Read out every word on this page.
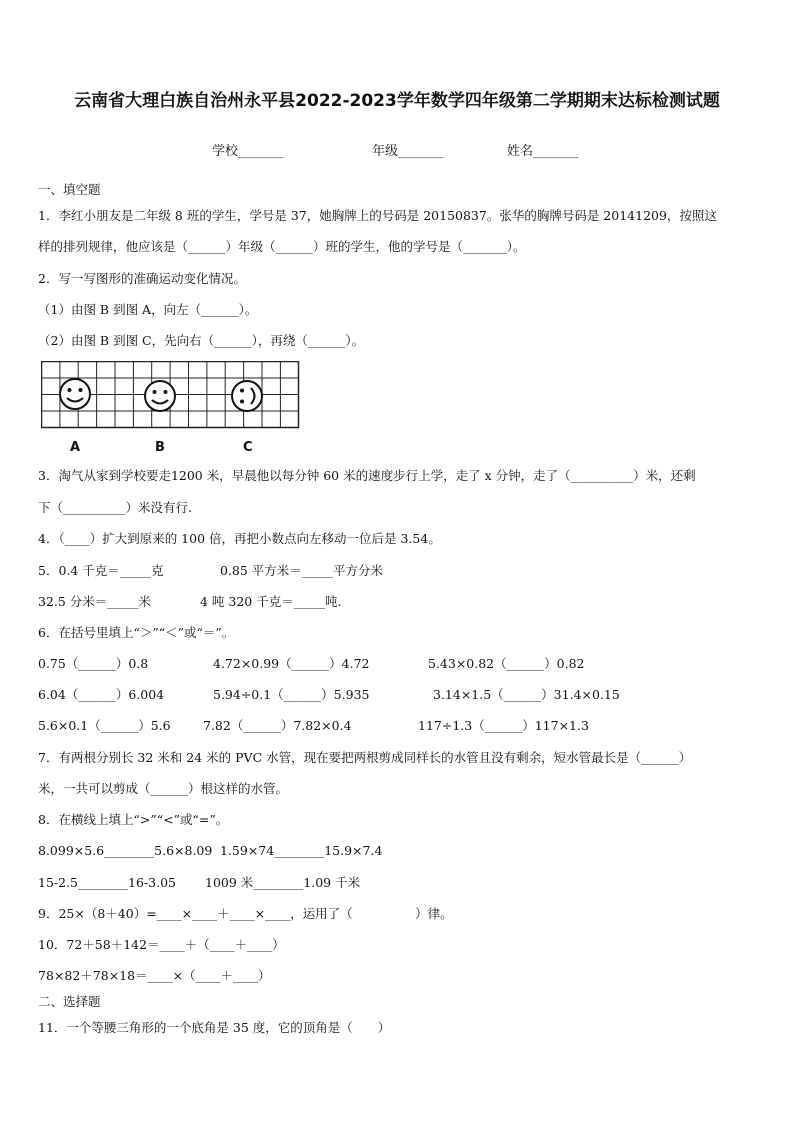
云南省大理白族自治州永平县2022-2023学年数学四年级第二学期期末达标检测试题
学校_______	年级_______	姓名_______
一、填空题
1．李红小朋友是二年级 8 班的学生，学号是 37，她胸牌上的号码是 20150837。张华的胸牌号码是 20141209，按照这
样的排列规律，他应该是（______）年级（______）班的学生，他的学号是（_______）。
2．写一写图形的准确运动变化情况。
（1）由图 B 到图 A，向左（______）。
（2）由图 B 到图 C，先向右（______），再绕（______）。
A	B	C
3．淘气从家到学校要走1200 米，早晨他以每分钟 60 米的速度步行上学，走了 x 分钟，走了（__________）米，还剩
下（__________）米没有行.
4．（____）扩大到原来的 100 倍，再把小数点向左移动一位后是 3.54。
5．0.4 千克＝_____克	0.85 平方米＝_____平方分米
32.5 分米＝_____米	4 吨 320 千克＝_____吨.
6．在括号里填上“＞”“＜”或“＝”。
0.75（______）0.8	4.72×0.99（______）4.72	5.43×0.82（______）0.82
6.04（______）6.004	5.94÷0.1（______）5.935	3.14×1.5（______）31.4×0.15
5.6×0.1（______）5.6	7.82（______）7.82×0.4	117÷1.3（______）117×1.3
7．有两根分别长 32 米和 24 米的 PVC 水管，现在要把两根剪成同样长的水管且没有剩余，短水管最长是（______）
米，一共可以剪成（______）根这样的水管。
8．在横线上填上“>”“<”或“=”。
8.099×5.6________5.6×8.09 1.59×74________15.9×7.4
15-2.5________16-3.05 1009 米________1.09 千米
9．25×（8＋40）=____×____＋____×____，运用了（　　　　　）律。
10．72＋58＋142＝____＋（____＋____）
78×82＋78×18＝____×（____＋____）
二、选择题
11．一个等腰三角形的一个底角是 35 度，它的顶角是（　　）
